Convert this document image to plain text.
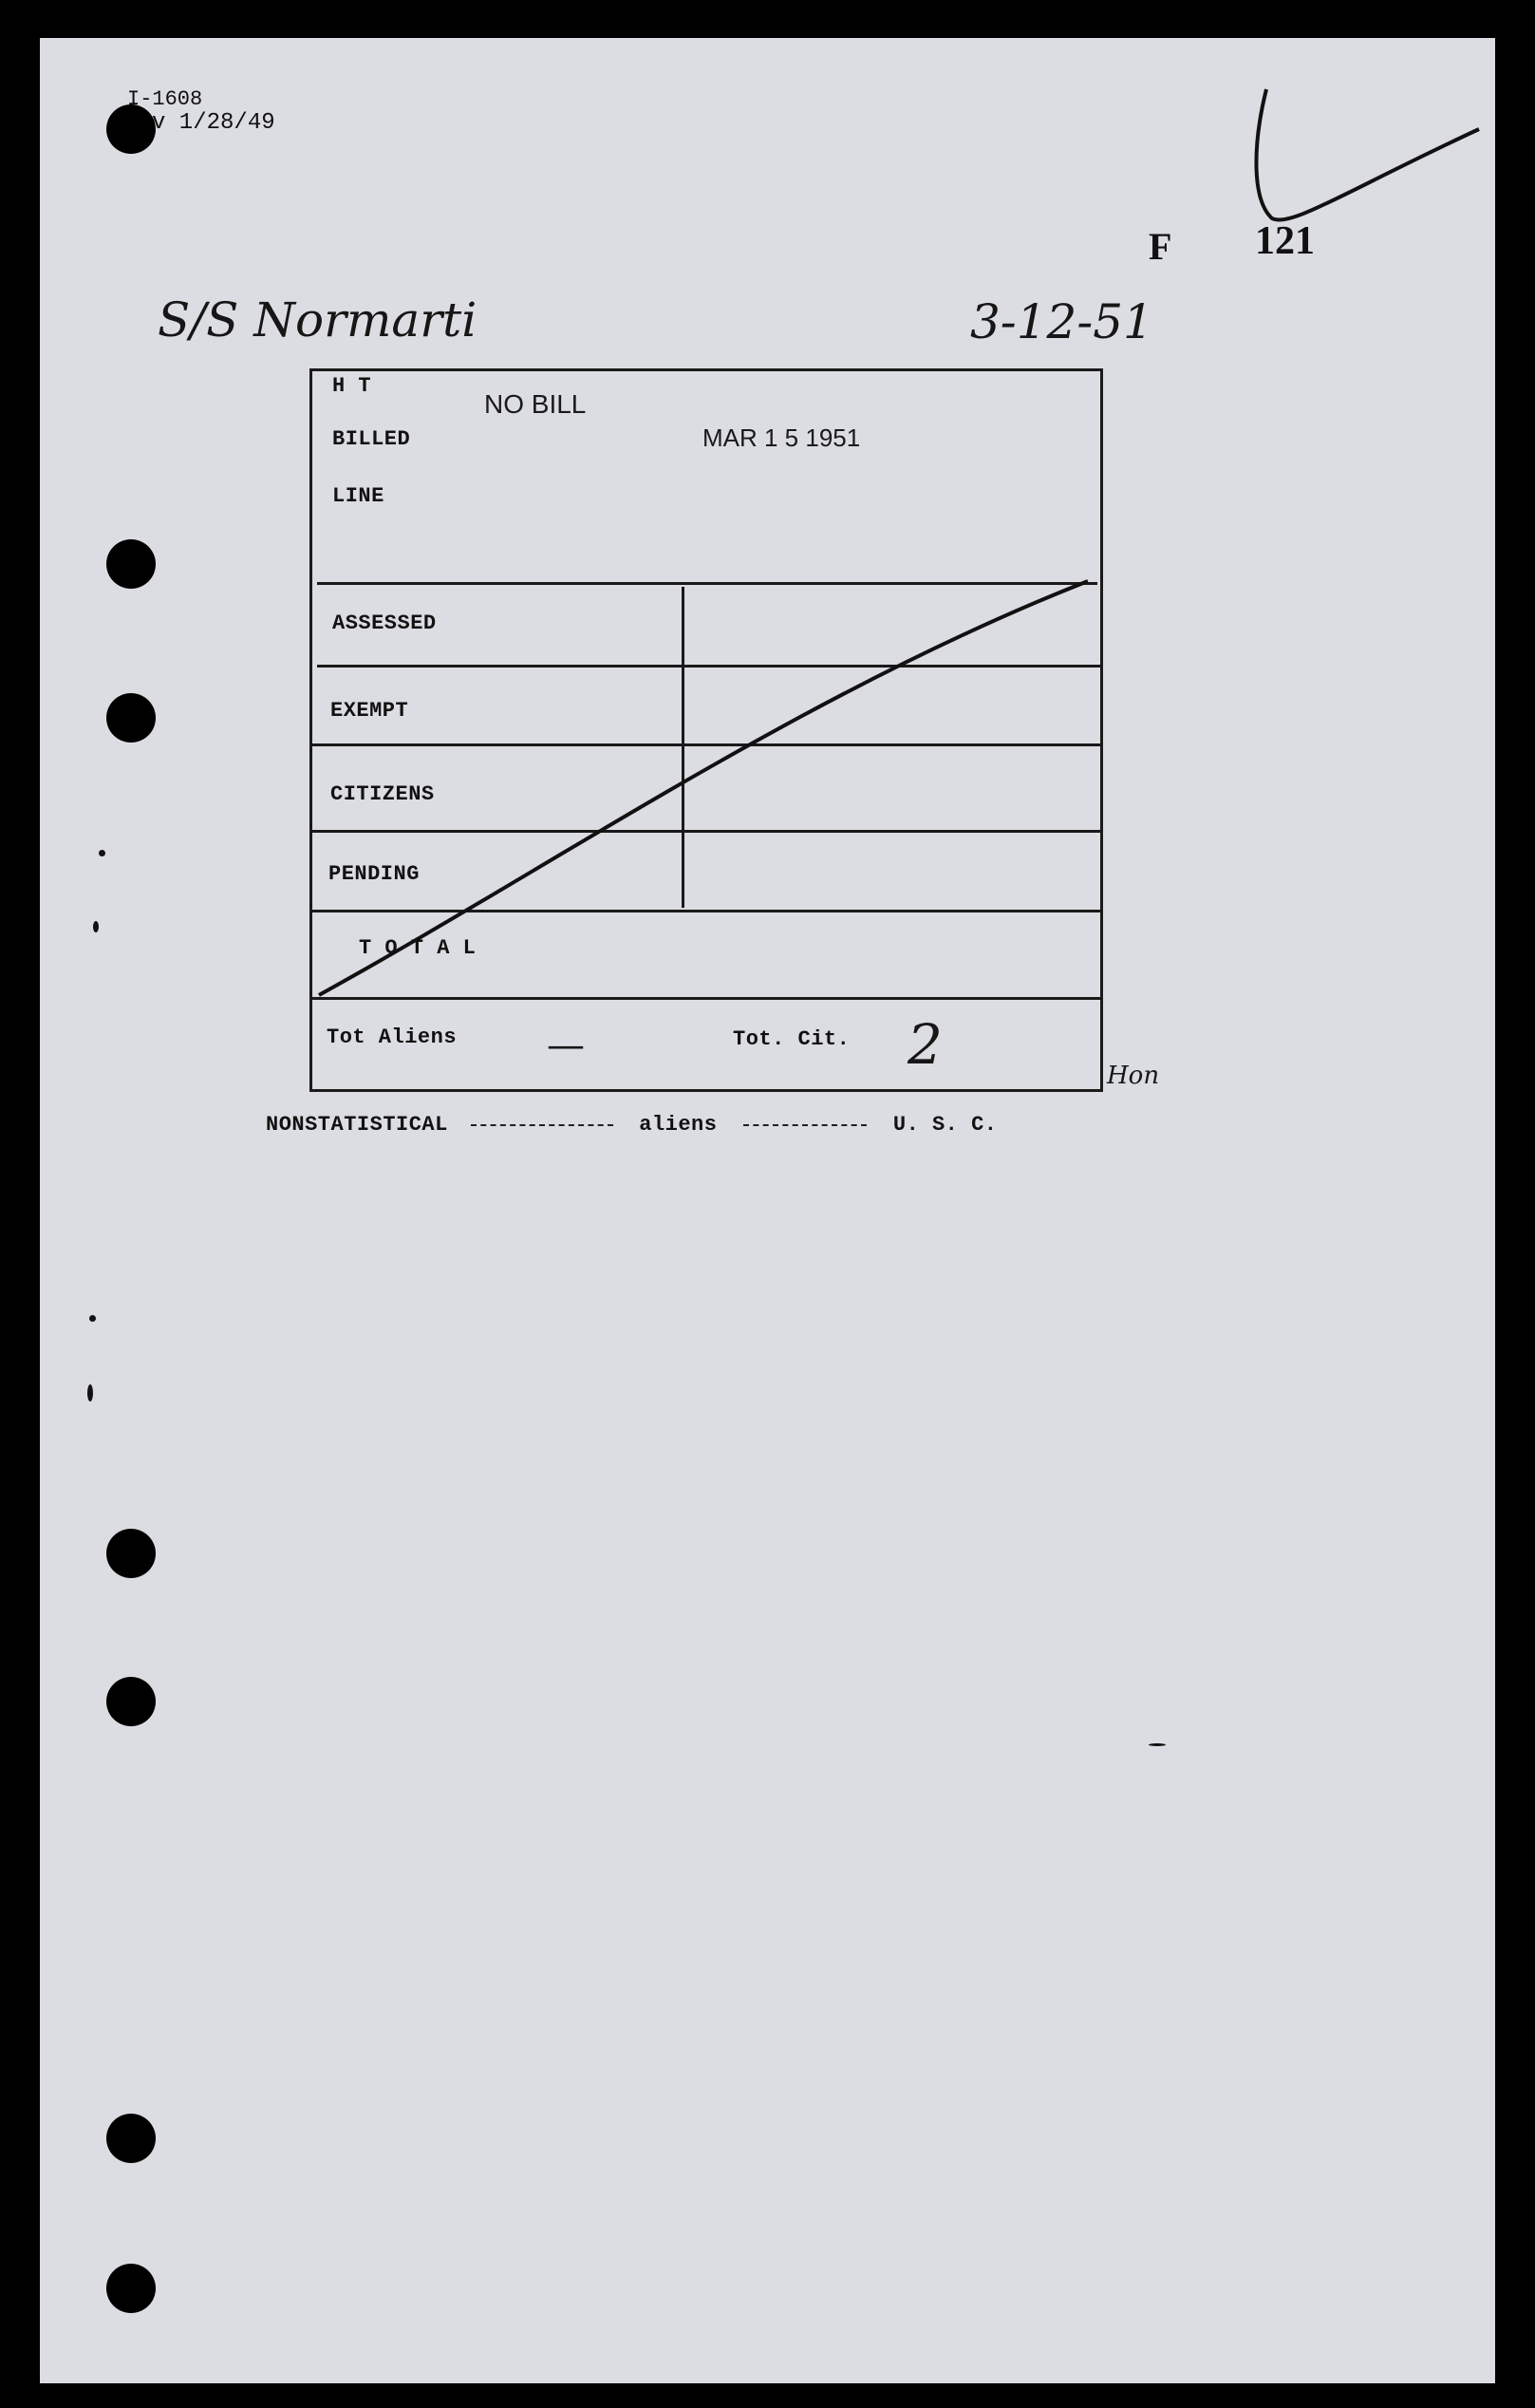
I-1608
v 1/28/49
F 121
S/S Normarti	3-12-51
H T
NO BILL
BILLED	MAR 1 5 1951
LINE
ASSESSED
EXEMPT
CITIZENS
PENDING
T O T A L
Tot Aliens —	Tot. Cit. 2	Hon
NONSTATISTICAL	aliens	U. S. C.
